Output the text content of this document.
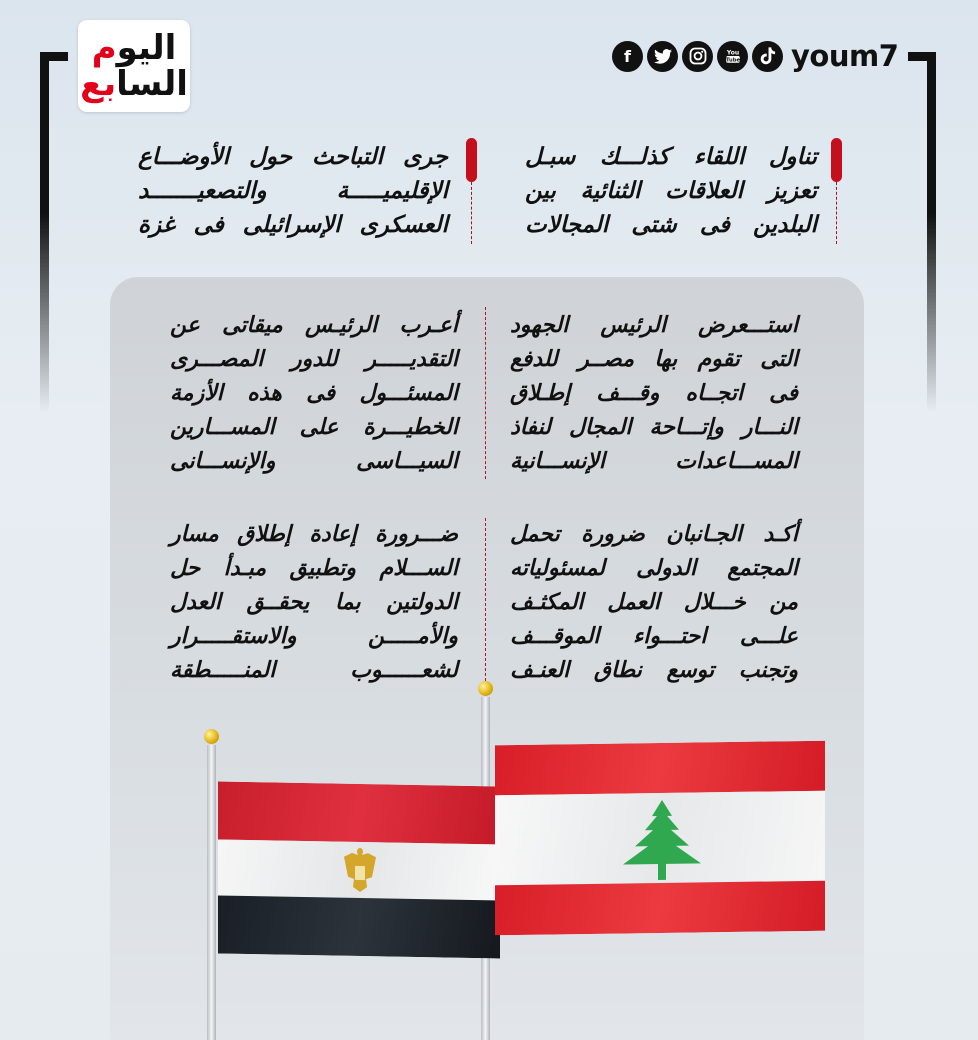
اليوم
السابع
f	You
Tube youm7
تناول اللقاء كذلـــك سبـل
تعزيز العلاقات الثنائية بين
البلدين فى شتى المجالات
جرى التباحث حول الأوضـــاع
الإقليميـــــة والتصعيـــــــد
العسكرى الإسرائيلى فى غزة
استـــعرض الرئيس الجهود
التى تقوم بها مصــر للدفع
فى اتجــاه وقـــف إطـلاق
النـــار وإتـــاحة المجال لنفاذ
المســـاعدات الإنســـانية
أعـرب الرئيـس ميقاتى عن
التقديـــــر للدور المصـــرى
المسئـــول فى هذه الأزمة
الخطيـــرة على المســـارين
السيـــاسى والإنســـانى
أكـد الجـانبان ضرورة تحمل
المجتمع الدولى لمسئولياته
من خـــلال العمل المكثـف
علـــى احتـــواء الموقـــف
وتجنب توسع نطاق العنـف
ضـــرورة إعادة إطلاق مسار
الســـلام وتطبيق مبـدأ حل
الدولتين بما يحقــق العدل
والأمـــــن والاستقـــــرار
لشعــــــوب المنـــــطقة
